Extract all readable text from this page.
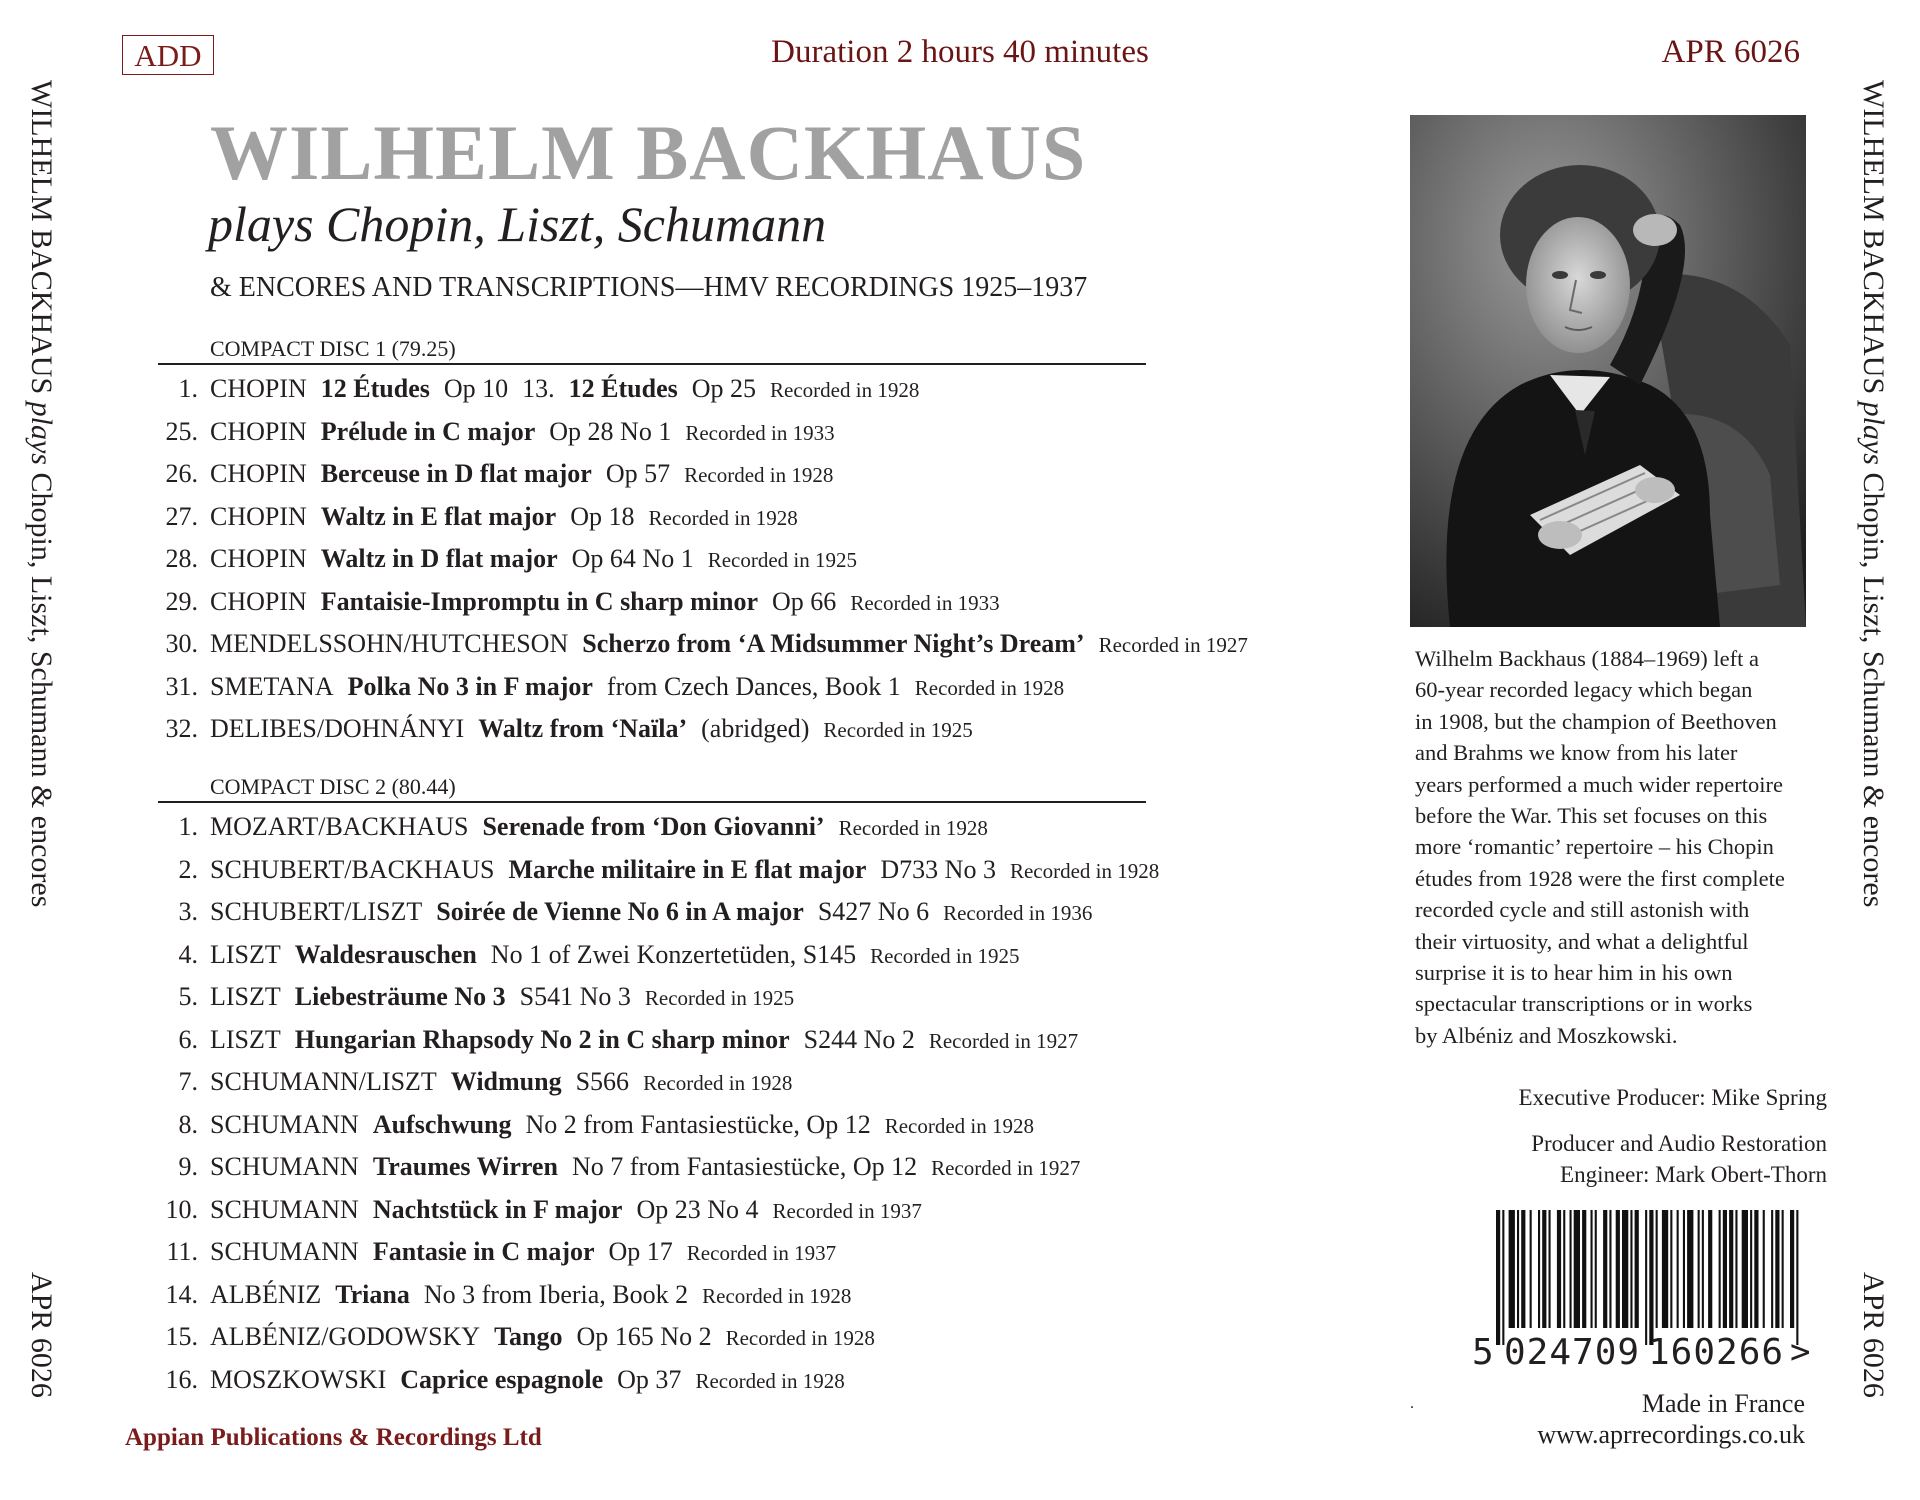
ADD	Duration 2 hours 40 minutes	APR 6026
WILHELM BACKHAUS plays Chopin, Liszt, Schumann & encores
APR 6026
WILHELM BACKHAUS plays Chopin, Liszt, Schumann & encores
APR 6026
WILHELM BACKHAUS
plays Chopin, Liszt, Schumann
& ENCORES AND TRANSCRIPTIONS—HMV RECORDINGS 1925–1937
COMPACT DISC 1 (79.25)
1. CHOPIN 12 Études Op 10 13. 12 Études Op 25 Recorded in 1928
25. CHOPIN Prélude in C major Op 28 No 1 Recorded in 1933
26. CHOPIN Berceuse in D flat major Op 57 Recorded in 1928
27. CHOPIN Waltz in E flat major Op 18 Recorded in 1928
28. CHOPIN Waltz in D flat major Op 64 No 1 Recorded in 1925
29. CHOPIN Fantaisie-Impromptu in C sharp minor Op 66 Recorded in 1933
30. MENDELSSOHN/HUTCHESON Scherzo from ‘A Midsummer Night’s Dream’ Recorded in 1927
31. SMETANA Polka No 3 in F major from Czech Dances, Book 1 Recorded in 1928
32. DELIBES/DOHNÁNYI Waltz from ‘Naïla’ (abridged) Recorded in 1925
COMPACT DISC 2 (80.44)
1. MOZART/BACKHAUS Serenade from ‘Don Giovanni’ Recorded in 1928
2. SCHUBERT/BACKHAUS Marche militaire in E flat major D733 No 3 Recorded in 1928
3. SCHUBERT/LISZT Soirée de Vienne No 6 in A major S427 No 6 Recorded in 1936
4. LISZT Waldesrauschen No 1 of Zwei Konzertetüden, S145 Recorded in 1925
5. LISZT Liebesträume No 3 S541 No 3 Recorded in 1925
6. LISZT Hungarian Rhapsody No 2 in C sharp minor S244 No 2 Recorded in 1927
7. SCHUMANN/LISZT Widmung S566 Recorded in 1928
8. SCHUMANN Aufschwung No 2 from Fantasiestücke, Op 12 Recorded in 1928
9. SCHUMANN Traumes Wirren No 7 from Fantasiestücke, Op 12 Recorded in 1927
10. SCHUMANN Nachtstück in F major Op 23 No 4 Recorded in 1937
11. SCHUMANN Fantasie in C major Op 17 Recorded in 1937
14. ALBÉNIZ Triana No 3 from Iberia, Book 2 Recorded in 1928
15. ALBÉNIZ/GODOWSKY Tango Op 165 No 2 Recorded in 1928
16. MOSZKOWSKI Caprice espagnole Op 37 Recorded in 1928
Wilhelm Backhaus (1884–1969) left a
60-year recorded legacy which began
in 1908, but the champion of Beethoven
and Brahms we know from his later
years performed a much wider repertoire
before the War. This set focuses on this
more ‘romantic’ repertoire – his Chopin
études from 1928 were the first complete
recorded cycle and still astonish with
their virtuosity, and what a delightful
surprise it is to hear him in his own
spectacular transcriptions or in works
by Albéniz and Moszkowski.
Executive Producer: Mike Spring
Producer and Audio Restoration
Engineer: Mark Obert-Thorn
5 024709 160266 >
.	Made in France
www.aprrecordings.co.uk
Appian Publications & Recordings Ltd
